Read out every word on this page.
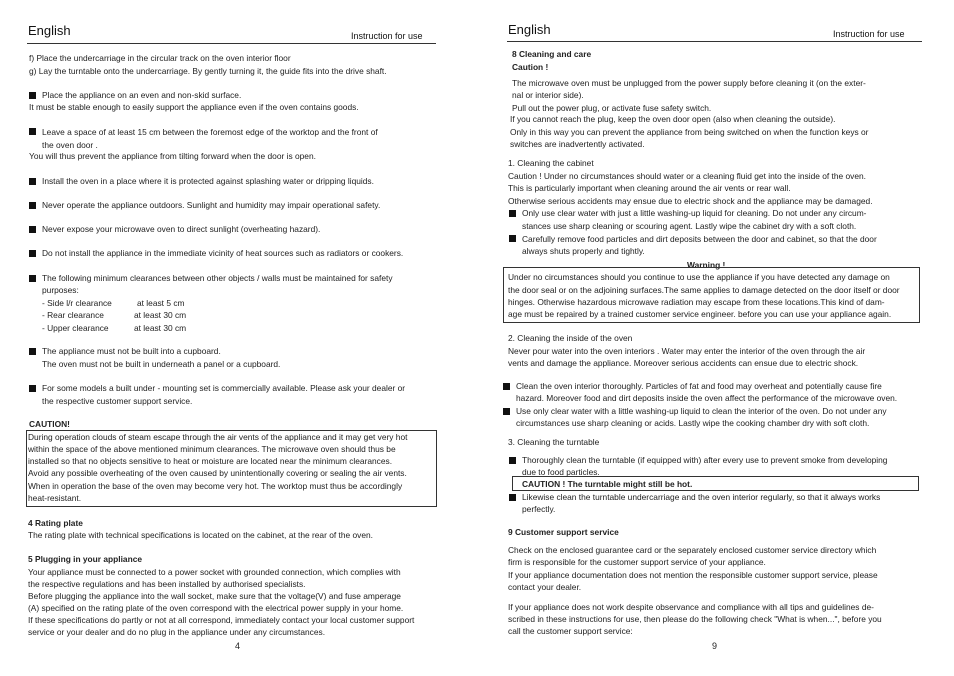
English	Instruction for use
f) Place the undercarriage in the circular track on the oven interior floor
g) Lay the turntable onto the undercarriage. By gently turning it, the guide fits into the drive shaft.
Place the appliance on an even and non-skid surface.
It must be stable enough to easily support the appliance even if the oven contains goods.
Leave a space of at least 15 cm between the foremost edge of the worktop and the front of
the oven door .
You will thus prevent the appliance from tilting forward when the door is open.
Install the oven in a place where it is protected against splashing water or dripping liquids.
Never operate the appliance outdoors. Sunlight and humidity may impair operational safety.
Never expose your microwave oven to direct sunlight (overheating hazard).
Do not install the appliance in the immediate vicinity of heat sources such as radiators or cookers.
The following minimum clearances between other objects / walls must be maintained for safety
purposes:
- Side l/r clearance	at least 5 cm
- Rear clearance	at least 30 cm
- Upper clearance	at least 30 cm
The appliance must not be built into a cupboard.
The oven must not be built in underneath a panel or a cupboard.
For some models a built under - mounting set is commercially available. Please ask your dealer or
the respective customer support service.
CAUTION!
During operation clouds of steam escape through the air vents of the appliance and it may get very hot
within the space of the above mentioned minimum clearances. The microwave oven should thus be
installed so that no objects sensitive to heat or moisture are located near the minimum clearances.
Avoid any possible overheating of the oven caused by unintentionally covering or sealing the air vents.
When in operation the base of the oven may become very hot. The worktop must thus be accordingly
heat-resistant.
4 Rating plate
The rating plate with technical specifications is located on the cabinet, at the rear of the oven.
5 Plugging in your appliance
Your appliance must be connected to a power socket with grounded connection, which complies with
the respective regulations and has been installed by authorised specialists.
Before plugging the appliance into the wall socket, make sure that the voltage(V) and fuse amperage
(A) specified on the rating plate of the oven correspond with the electrical power supply in your home.
If these specifications do partly or not at all correspond, immediately contact your local customer support
service or your dealer and do no plug in the appliance under any circumstances.
4
English	Instruction for use
8 Cleaning and care
Caution !
The microwave oven must be unplugged from the power supply before cleaning it (on the exter-
nal or interior side).
Pull out the power plug, or activate fuse safety switch.
If you cannot reach the plug, keep the oven door open (also when cleaning the outside).
Only in this way you can prevent the appliance from being switched on when the function keys or
switches are inadvertently activated.
1. Cleaning the cabinet
Caution ! Under no circumstances should water or a cleaning fluid get into the inside of the oven.
This is particularly important when cleaning around the air vents or rear wall.
Otherwise serious accidents may ensue due to electric shock and the appliance may be damaged.
Only use clear water with just a little washing-up liquid for cleaning. Do not under any circum-
stances use sharp cleaning or scouring agent. Lastly wipe the cabinet dry with a soft cloth.
Carefully remove food particles and dirt deposits between the door and cabinet, so that the door
always shuts properly and tightly.
Warning !
Under no circumstances should you continue to use the appliance if you have detected any damage on
the door seal or on the adjoining surfaces.The same applies to damage detected on the door itself or door
hinges. Otherwise hazardous microwave radiation may escape from these locations.This kind of dam-
age must be repaired by a trained customer service engineer. before you can use your appliance again.
2. Cleaning the inside of the oven
Never pour water into the oven interiors . Water may enter the interior of the oven through the air
vents and damage the appliance. Moreover serious accidents can ensue due to electric shock.
Clean the oven interior thoroughly. Particles of fat and food may overheat and potentially cause fire
hazard. Moreover food and dirt deposits inside the oven affect the performance of the microwave oven.
Use only clear water with a little washing-up liquid to clean the interior of the oven. Do not under any
circumstances use sharp cleaning or acids. Lastly wipe the cooking chamber dry with soft cloth.
3. Cleaning the turntable
Thoroughly clean the turntable (if equipped with) after every use to prevent smoke from developing
due to food particles.
CAUTION ! The turntable might still be hot.
Likewise clean the turntable undercarriage and the oven interior regularly, so that it always works
perfectly.
9 Customer support service
Check on the enclosed guarantee card or the separately enclosed customer service directory which
firm is responsible for the customer support service of your appliance.
If your appliance documentation does not mention the responsible customer support service, please
contact your dealer.
If your appliance does not work despite observance and compliance with all tips and guidelines de-
scribed in these instructions for use, then please do the following check "What is when...", before you
call the customer support service:
9
